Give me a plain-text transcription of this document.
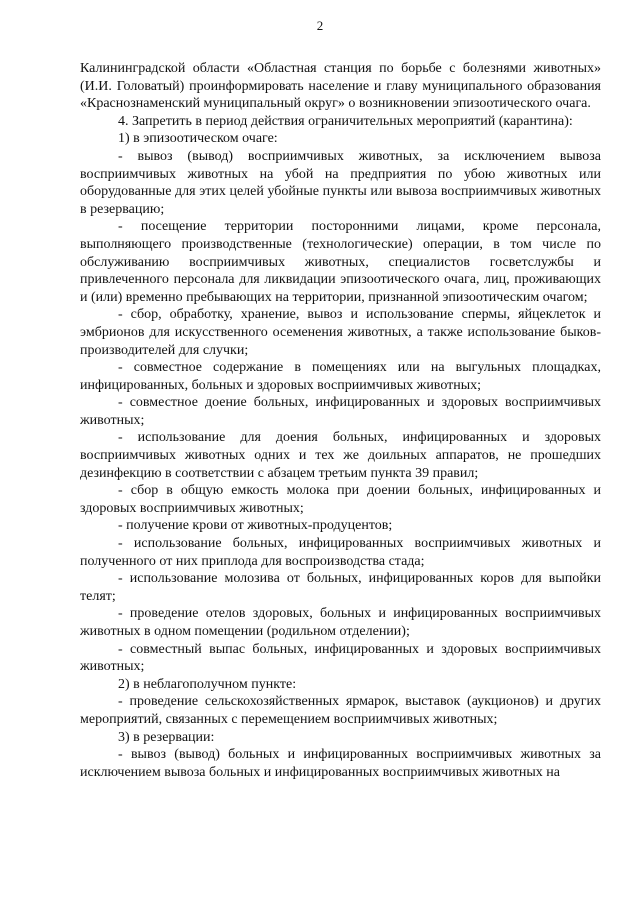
2

Калининградской области «Областная станция по борьбе с болезнями животных» (И.И. Головатый) проинформировать население и главу муниципального образования «Краснознаменский муниципальный округ» о возникновении эпизоотического очага.

4. Запретить в период действия ограничительных мероприятий (карантина):

1) в эпизоотическом очаге:

- вывоз (вывод) восприимчивых животных, за исключением вывоза восприимчивых животных на убой на предприятия по убою животных или оборудованные для этих целей убойные пункты или вывоза восприимчивых животных в резервацию;

- посещение территории посторонними лицами, кроме персонала, выполняющего производственные (технологические) операции, в том числе по обслуживанию восприимчивых животных, специалистов госветслужбы и привлеченного персонала для ликвидации эпизоотического очага, лиц, проживающих и (или) временно пребывающих на территории, признанной эпизоотическим очагом;

- сбор, обработку, хранение, вывоз и использование спермы, яйцеклеток и эмбрионов для искусственного осеменения животных, а также использование быков-производителей для случки;

- совместное содержание в помещениях или на выгульных площадках, инфицированных, больных и здоровых восприимчивых животных;

- совместное доение больных, инфицированных и здоровых восприимчивых животных;

- использование для доения больных, инфицированных и здоровых восприимчивых животных одних и тех же доильных аппаратов, не прошедших дезинфекцию в соответствии с абзацем третьим пункта 39 правил;

- сбор в общую емкость молока при доении больных, инфицированных и здоровых восприимчивых животных;

- получение крови от животных-продуцентов;

- использование больных, инфицированных восприимчивых животных и полученного от них приплода для воспроизводства стада;

- использование молозива от больных, инфицированных коров для выпойки телят;

- проведение отелов здоровых, больных и инфицированных восприимчивых животных в одном помещении (родильном отделении);

- совместный выпас больных, инфицированных и здоровых восприимчивых животных;

2) в неблагополучном пункте:

- проведение сельскохозяйственных ярмарок, выставок (аукционов) и других мероприятий, связанных с перемещением восприимчивых животных;

3) в резервации:

- вывоз (вывод) больных и инфицированных восприимчивых животных за исключением вывоза больных и инфицированных восприимчивых животных на
